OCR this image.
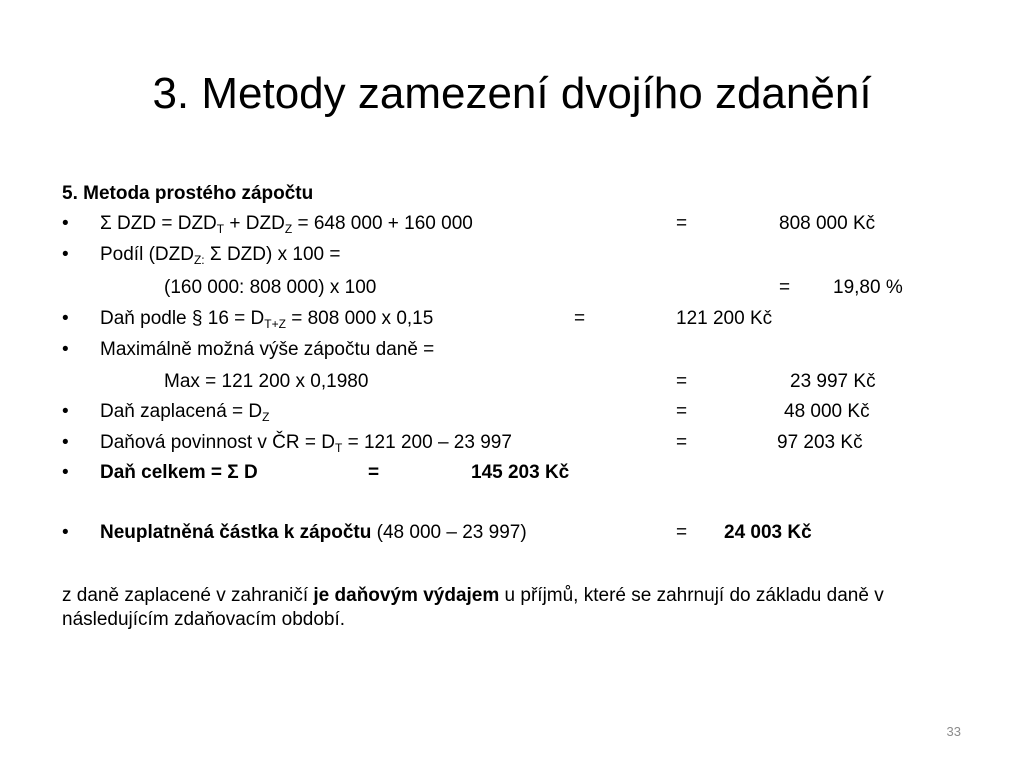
3. Metody zamezení dvojího zdanění
5. Metoda prostého zápočtu
• Σ DZD = $DZD_T + DZD_Z = 648$ 000 + 160 000	=	808 000 Kč
• Podíl ($DZD_{Z:}$ Σ DZD) x 100 =
(160 000: 808 000) x 100	= 19,80 %
• Daň podle § $16 = D_{T+Z} = 808$ 000 x 0,15	=	121 200 Kč
• Maximálně možná výše zápočtu daně =
Max = 121 200 x 0,1980	=	23 997 Kč
• Daň zaplacená = $D_Z$	=	48 000 Kč
• Daňová povinnost v ČR = $D_T = 121$ 200 – 23 997	=	97 203 Kč
• Daň celkem = Σ D	=	145 203 Kč
• Neuplatněná částka k zápočtu (48 000 – 23 997)	= 24 003 Kč
z daně zaplacené v zahraničí je daňovým výdajem u příjmů, které se zahrnují do základu daně v následujícím zdaňovacím období.
33
